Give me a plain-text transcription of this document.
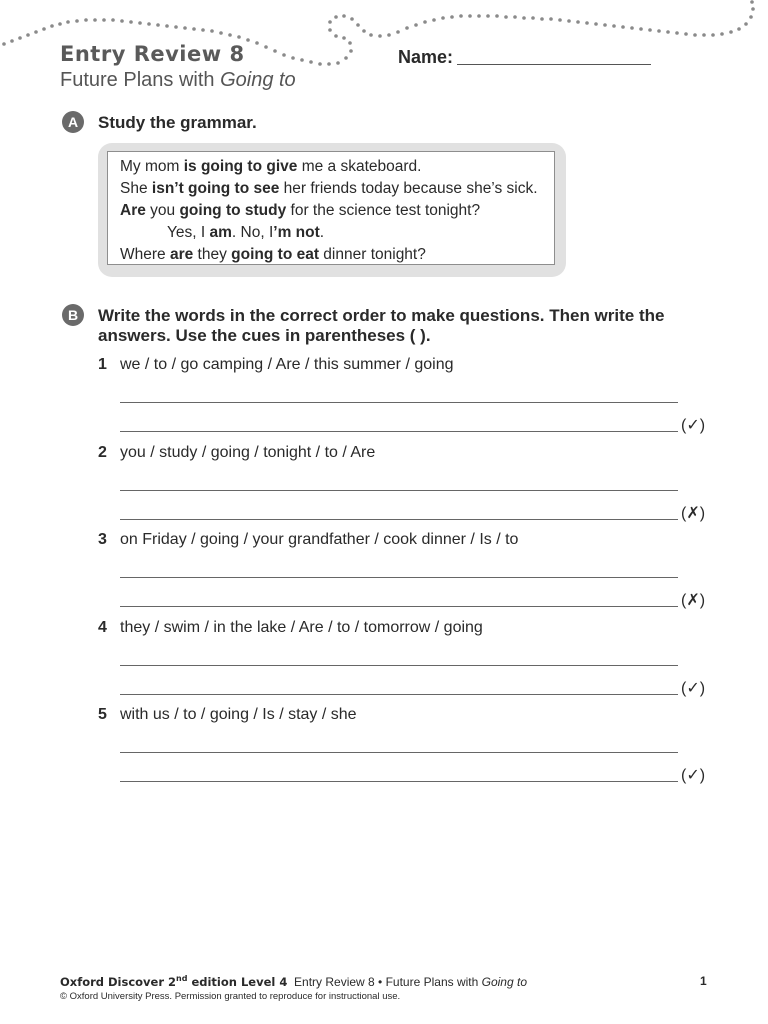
Entry Review 8
Future Plans with Going to
Name:
A	Study the grammar.
My mom is going to give me a skateboard.
She isn’t going to see her friends today because she’s sick.
Are you going to study for the science test tonight?
Yes, I am. No, I’m not.
Where are they going to eat dinner tonight?
B	Write the words in the correct order to make questions. Then write the
answers. Use the cues in parentheses ( ).
1 we / to / go camping / Are / this summer / going
(✓)
2 you / study / going / tonight / to / Are
(✗)
3 on Friday / going / your grandfather / cook dinner / Is / to
(✗)
4 they / swim / in the lake / Are / to / tomorrow / going
(✓)
5 with us / to / going / Is / stay / she
(✓)
Oxford Discover 2nd edition Level 4 Entry Review 8 • Future Plans with Going to
© Oxford University Press. Permission granted to reproduce for instructional use.
1
